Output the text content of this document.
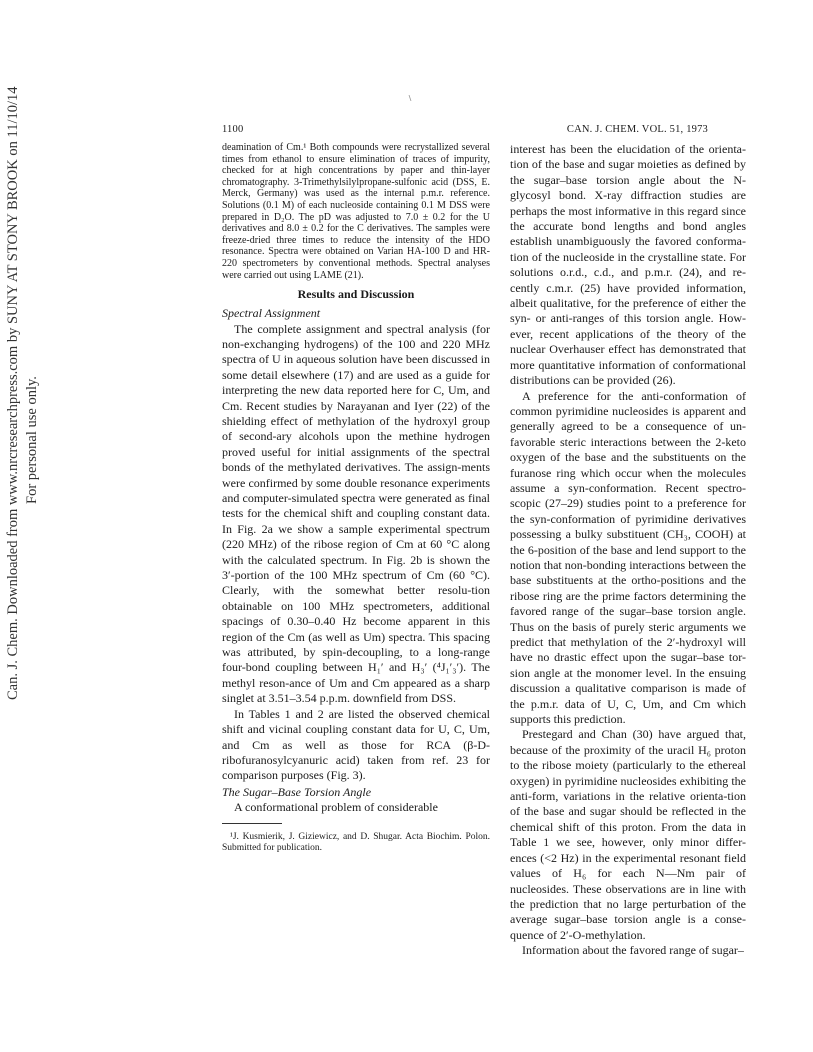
Can. J. Chem. Downloaded from www.nrcresearchpress.com by SUNY AT STONY BROOK on 11/10/14 For personal use only.
1100	CAN. J. CHEM. VOL. 51, 1973

deamination of Cm.¹ Both compounds were recrystallized several times from ethanol to ensure elimination of traces of impurity, checked for at high concentrations by paper and thin-layer chromatography. 3-Trimethylsilylpropane-sulfonic acid (DSS, E. Merck, Germany) was used as the internal p.m.r. reference. Solutions (0.1 M) of each nucleoside containing 0.1 M DSS were prepared in D₂O. The pD was adjusted to 7.0 ± 0.2 for the U derivatives and 8.0 ± 0.2 for the C derivatives. The samples were freeze-dried three times to reduce the intensity of the HDO resonance. Spectra were obtained on Varian HA-100 D and HR-220 spectrometers by conventional methods. Spectral analyses were carried out using LAME (21).

Results and Discussion
Spectral Assignment

The complete assignment and spectral analysis (for non-exchanging hydrogens) of the 100 and 220 MHz spectra of U in aqueous solution have been discussed in some detail elsewhere (17) and are used as a guide for interpreting the new data reported here for C, Um, and Cm. Recent studies by Narayanan and Iyer (22) of the shielding effect of methylation of the hydroxyl group of second-ary alcohols upon the methine hydrogen proved useful for initial assignments of the spectral bonds of the methylated derivatives. The assign-ments were confirmed by some double resonance experiments and computer-simulated spectra were generated as final tests for the chemical shift and coupling constant data. In Fig. 2a we show a sample experimental spectrum (220 MHz) of the ribose region of Cm at 60 °C along with the calculated spectrum. In Fig. 2b is shown the 3′-portion of the 100 MHz spectrum of Cm (60 °C). Clearly, with the somewhat better resolu-tion obtainable on 100 MHz spectrometers, additional spacings of 0.30–0.40 Hz become apparent in this region of the Cm (as well as Um) spectra. This spacing was attributed, by spin-decoupling, to a long-range four-bond coupling between H₁′ and H₃′ (⁴J₁′₃′). The methyl reson-ance of Um and Cm appeared as a sharp singlet at 3.51–3.54 p.p.m. downfield from DSS.

In Tables 1 and 2 are listed the observed chemical shift and vicinal coupling constant data for U, C, Um, and Cm as well as those for RCA (β-D-ribofuranosylcyanuric acid) taken from ref. 23 for comparison purposes (Fig. 3).

The Sugar–Base Torsion Angle

A conformational problem of considerable

¹J. Kusmierik, J. Giziewicz, and D. Shugar. Acta Biochim. Polon. Submitted for publication.

interest has been the elucidation of the orienta-tion of the base and sugar moieties as defined by the sugar–base torsion angle about the N-glycosyl bond. X-ray diffraction studies are perhaps the most informative in this regard since the accurate bond lengths and bond angles establish unambiguously the favored conforma-tion of the nucleoside in the crystalline state. For solutions o.r.d., c.d., and p.m.r. (24), and re-cently c.m.r. (25) have provided information, albeit qualitative, for the preference of either the syn- or anti-ranges of this torsion angle. How-ever, recent applications of the theory of the nuclear Overhauser effect has demonstrated that more quantitative information of conformational distributions can be provided (26).

A preference for the anti-conformation of common pyrimidine nucleosides is apparent and generally agreed to be a consequence of un-favorable steric interactions between the 2-keto oxygen of the base and the substituents on the furanose ring which occur when the molecules assume a syn-conformation. Recent spectro-scopic (27–29) studies point to a preference for the syn-conformation of pyrimidine derivatives possessing a bulky substituent (CH₃, COOH) at the 6-position of the base and lend support to the notion that non-bonding interactions between the base substituents at the ortho-positions and the ribose ring are the prime factors determining the favored range of the sugar–base torsion angle. Thus on the basis of purely steric arguments we predict that methylation of the 2′-hydroxyl will have no drastic effect upon the sugar–base tor-sion angle at the monomer level. In the ensuing discussion a qualitative comparison is made of the p.m.r. data of U, C, Um, and Cm which supports this prediction.

Prestegard and Chan (30) have argued that, because of the proximity of the uracil H₆ proton to the ribose moiety (particularly to the ethereal oxygen) in pyrimidine nucleosides exhibiting the anti-form, variations in the relative orienta-tion of the base and sugar should be reflected in the chemical shift of this proton. From the data in Table 1 we see, however, only minor differ-ences (<2 Hz) in the experimental resonant field values of H₆ for each N—Nm pair of nucleosides. These observations are in line with the prediction that no large perturbation of the average sugar–base torsion angle is a conse-quence of 2′-O-methylation.

Information about the favored range of sugar–
